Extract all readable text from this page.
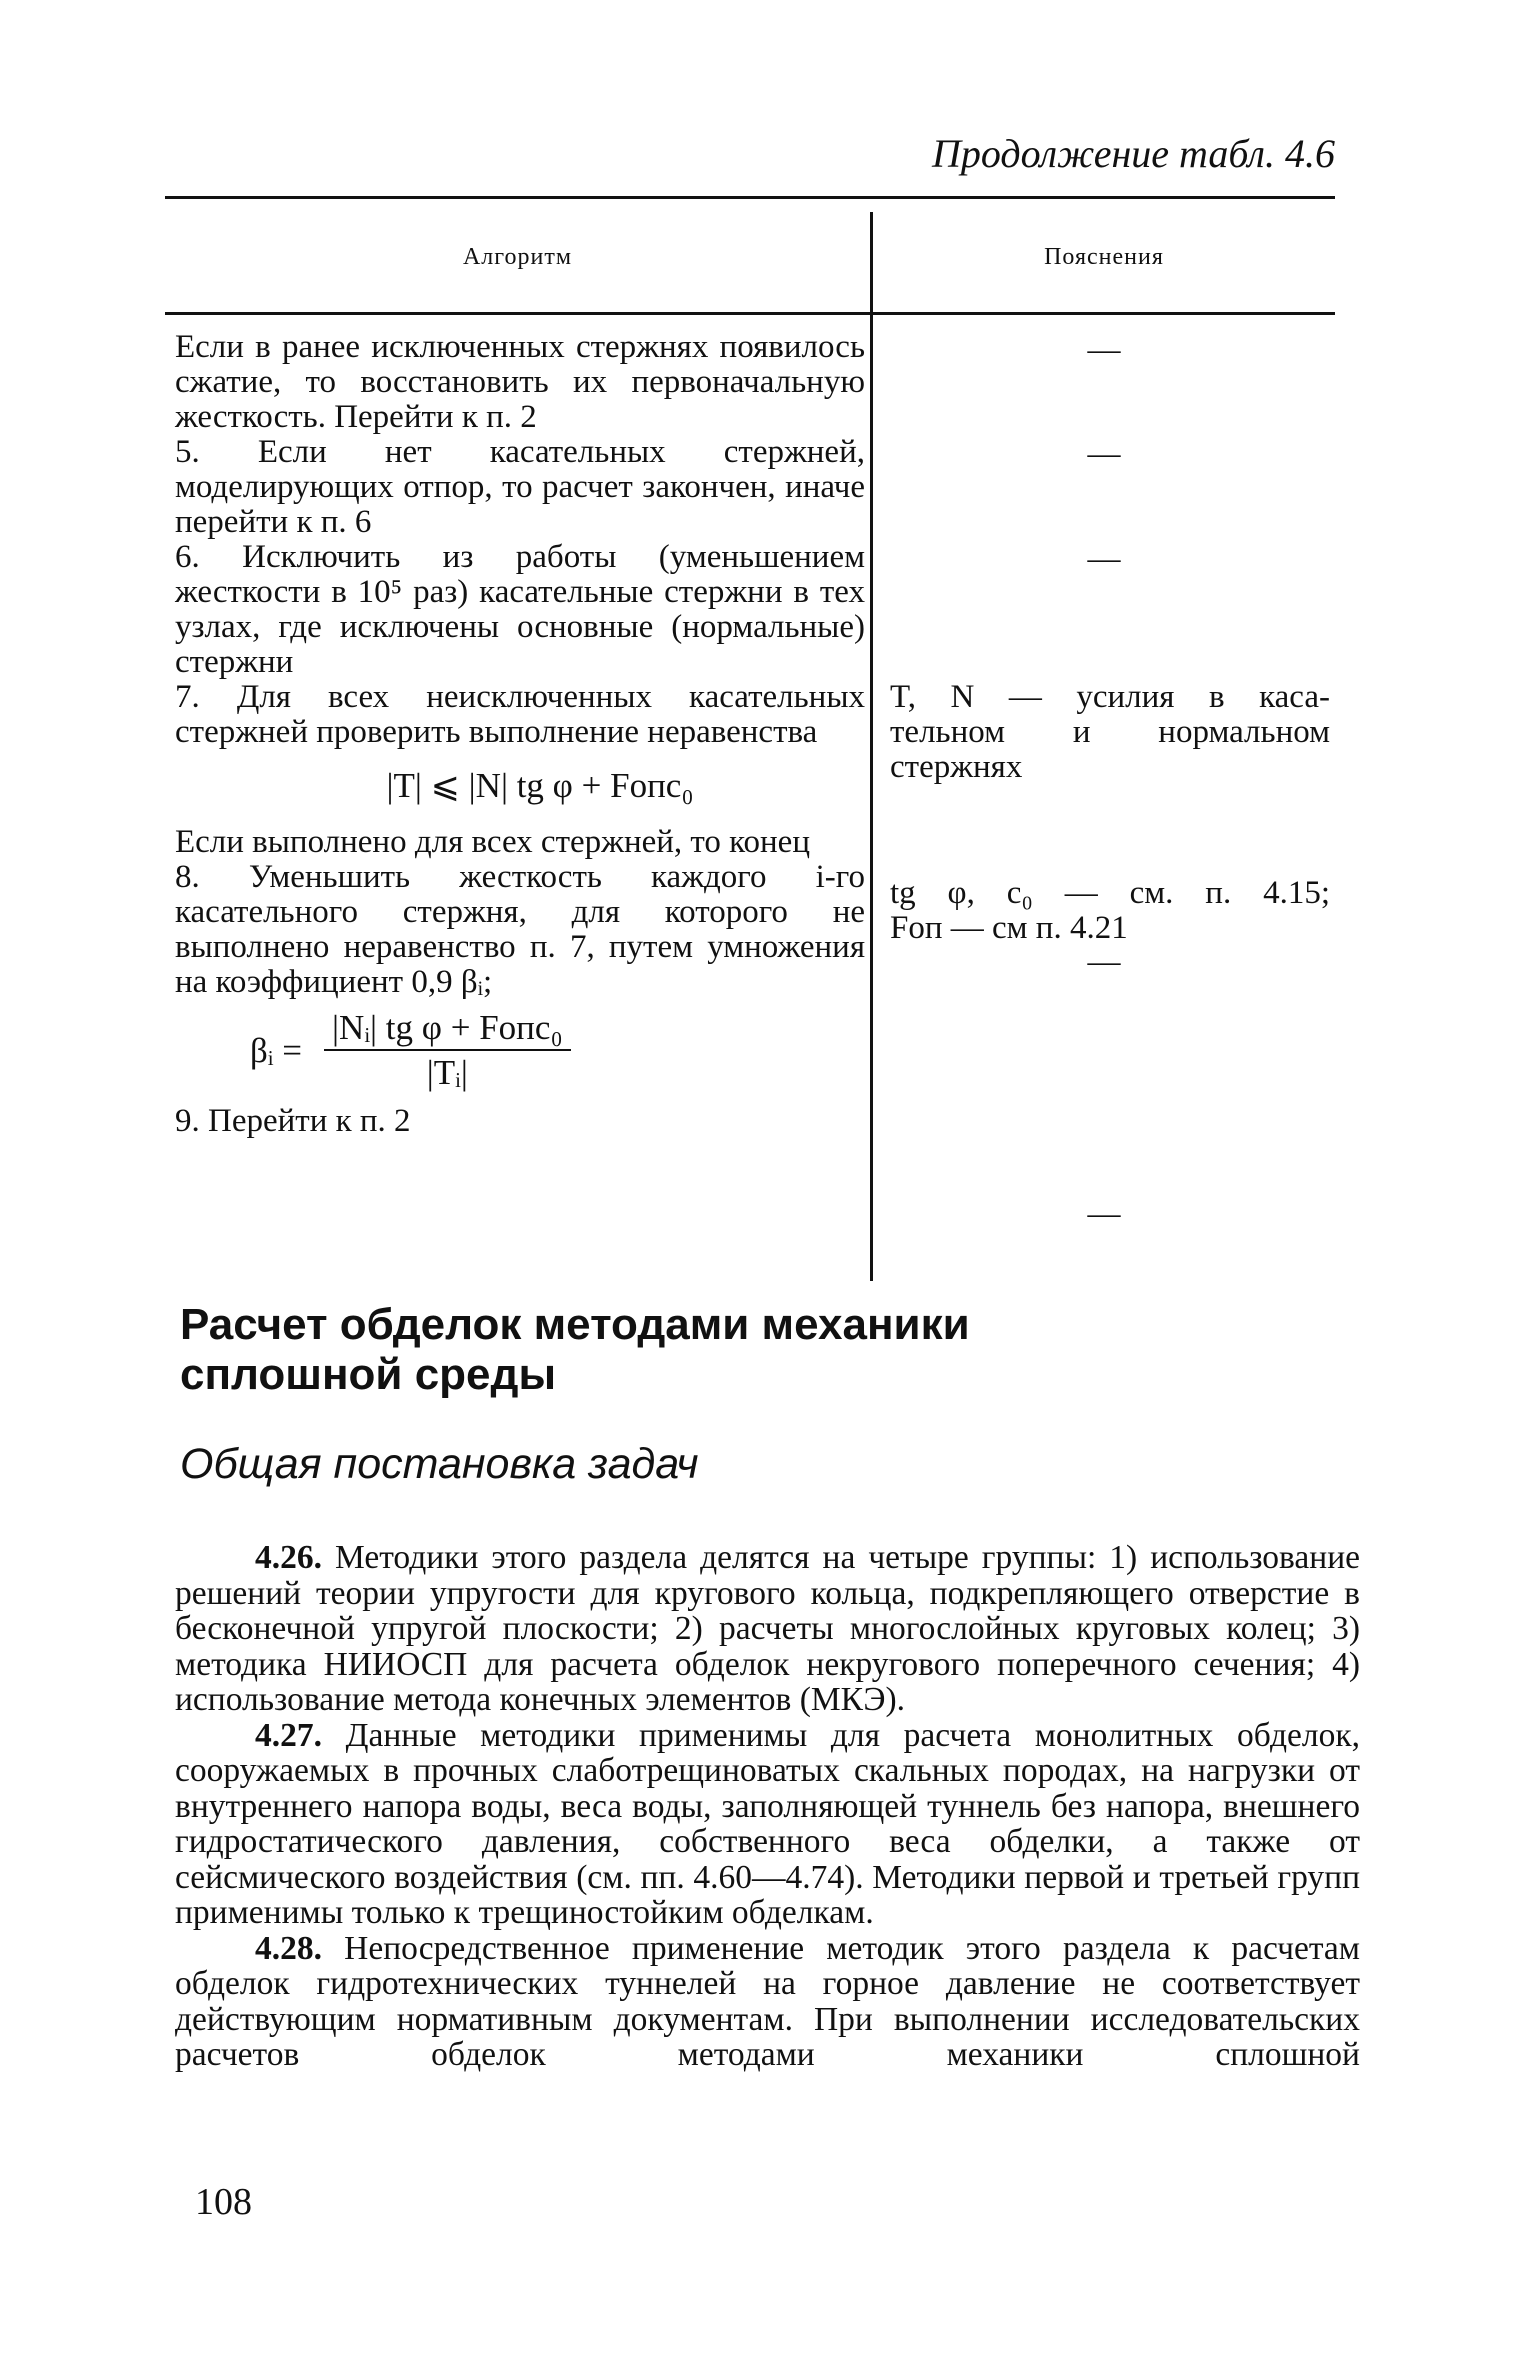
Продолжение табл. 4.6
Алгоритм	Пояснения

Если в ранее исключенных стержнях появилось сжатие, то восстановить их первоначальную жесткость. Перейти к п. 2

5. Если нет касательных стержней, моделирующих отпор, то расчет закончен, иначе перейти к п. 6

6. Исключить из работы (уменьшением жесткости в 10⁵ раз) касательные стержни в тех узлах, где исключены основные (нормальные) стержни

7. Для всех неисключенных касательных стержней проверить выполнение неравенства

|T| ⩽ |N| tg φ + Fопc₀

Если выполнено для всех стержней, то конец

8. Уменьшить жесткость каждого i-го касательного стержня, для которого не выполнено неравенство п. 7, путем умножения на коэффициент 0,9 βᵢ;

βᵢ = $\frac{\text{|Nᵢ| tg φ + Fопc₀}}{\text{|Tᵢ|}}$

9. Перейти к п. 2

—
—
—

T, N — усилия в каса-

тельном и нормальном

стержнях

tg φ, c₀ — см. п. 4.15;

Fоп — см п. 4.21

—
—
Расчет обделок методами механики сплошной среды
Общая постановка задач

4.26. Методики этого раздела делятся на четыре группы: 1) использование решений теории упругости для кругового кольца, подкрепляющего отверстие в бесконечной упругой плоскости; 2) расчеты многослойных круговых колец; 3) методика НИИОСП для расчета обделок некругового поперечного сечения; 4) использование метода конечных элементов (МКЭ).

4.27. Данные методики применимы для расчета монолитных обделок, сооружаемых в прочных слаботрещиноватых скальных породах, на нагрузки от внутреннего напора воды, веса воды, заполняющей туннель без напора, внешнего гидростатического давления, собственного веса обделки, а также от сейсмического воздействия (см. пп. 4.60—4.74). Методики первой и третьей групп применимы только к трещиностойким обделкам.

4.28. Непосредственное применение методик этого раздела к расчетам обделок гидротехнических туннелей на горное давление не соответствует действующим нормативным документам. При выполнении исследовательских расчетов обделок методами механики сплошной

108
